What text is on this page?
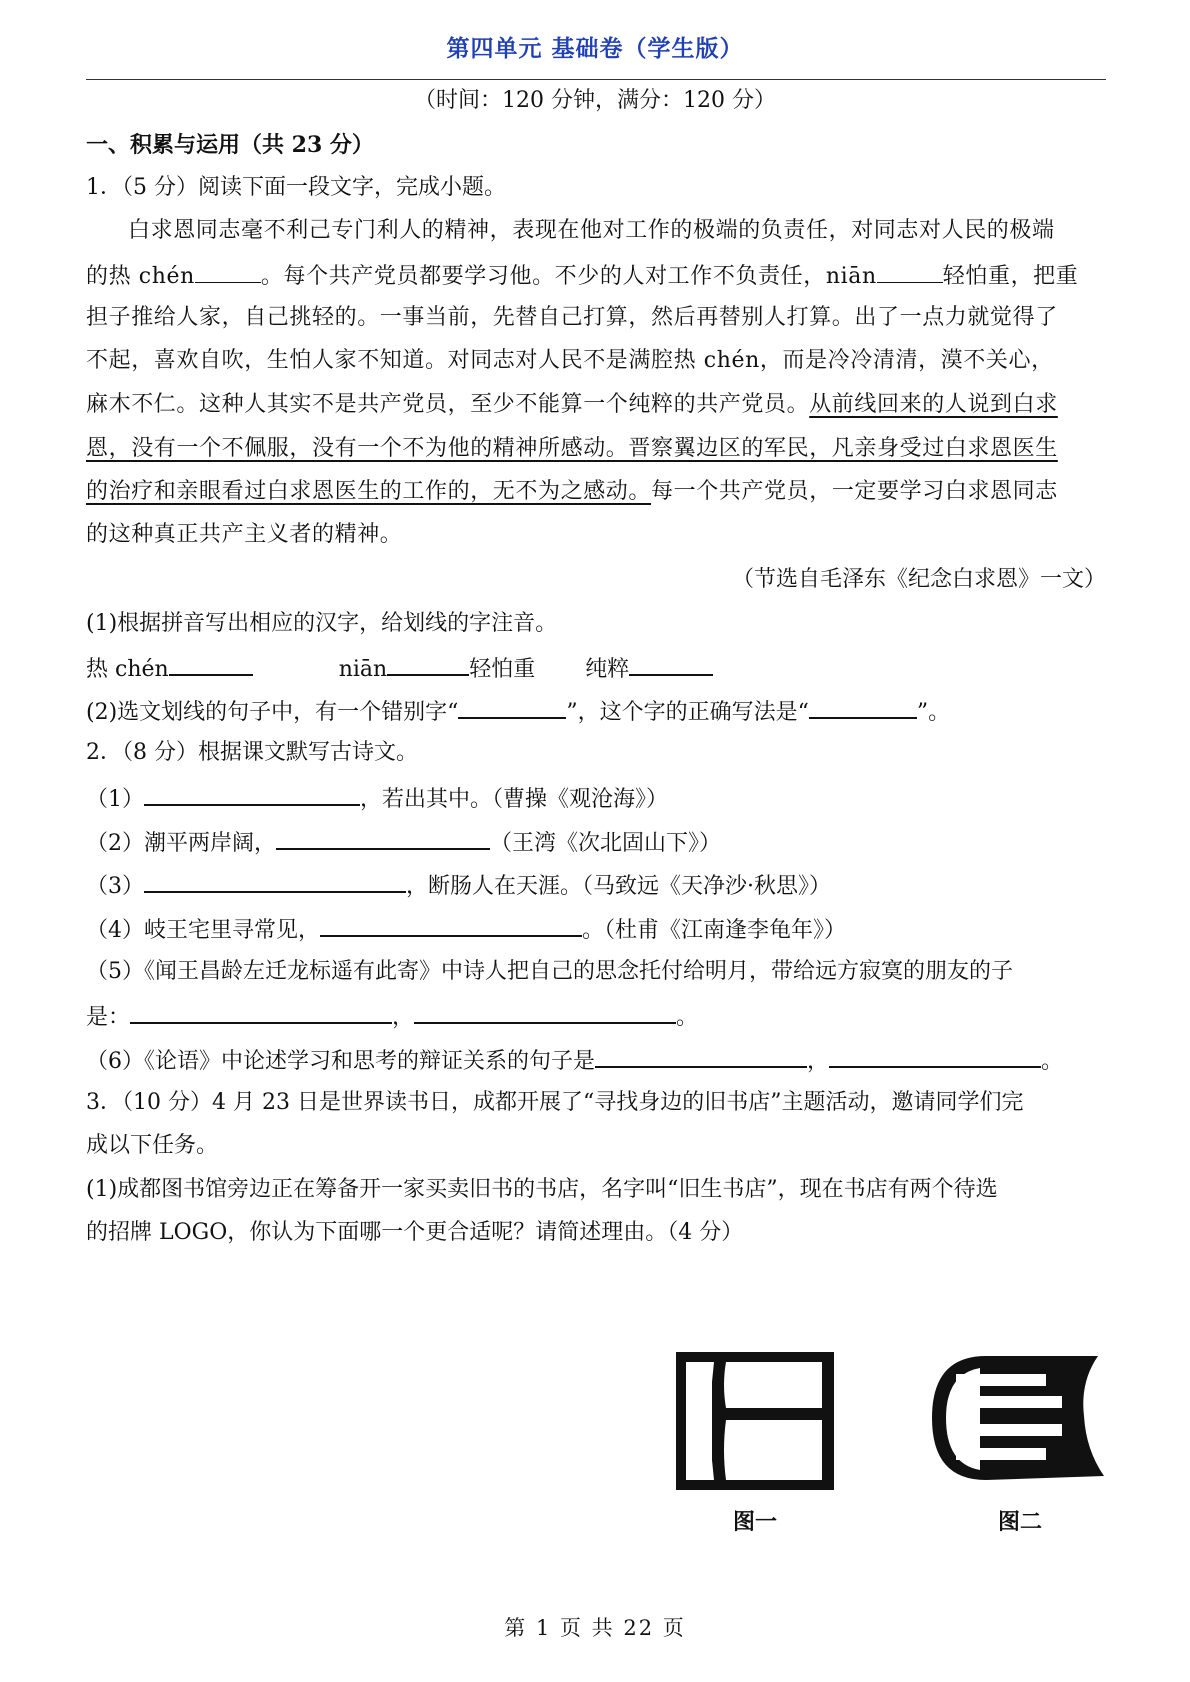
第四单元 基础卷（学生版）
（时间：120 分钟，满分：120 分）
一、积累与运用（共 23 分）
1．（5 分）阅读下面一段文字，完成小题。
白求恩同志毫不利己专门利人的精神，表现在他对工作的极端的负责任，对同志对人民的极端
的热 chén	。每个共产党员都要学习他。不少的人对工作不负责任，niān	轻怕重，把重
担子推给人家，自己挑轻的。一事当前，先替自己打算，然后再替别人打算。出了一点力就觉得了
不起，喜欢自吹，生怕人家不知道。对同志对人民不是满腔热 chén，而是冷冷清清，漠不关心，
麻木不仁。这种人其实不是共产党员，至少不能算一个纯粹的共产党员。从前线回来的人说到白求
恩，没有一个不佩服，没有一个不为他的精神所感动。晋察翼边区的军民，凡亲身受过白求恩医生
的治疗和亲眼看过白求恩医生的工作的，无不为之感动。每一个共产党员，一定要学习白求恩同志
的这种真正共产主义者的精神。
（节选自毛泽东《纪念白求恩》一文）
(1)根据拼音写出相应的汉字，给划线的字注音。
热 chén	niān	轻怕重 纯粹
(2)选文划线的句子中，有一个错别字“	”，这个字的正确写法是“	”。
2．（8 分）根据课文默写古诗文。
（1）	，若出其中。（曹操《观沧海》）
（2）潮平两岸阔，	（王湾《次北固山下》）
（3）	，断肠人在天涯。（马致远《天净沙·秋思》）
（4）岐王宅里寻常见，	。（杜甫《江南逢李龟年》）
（5）《闻王昌龄左迁龙标遥有此寄》中诗人把自己的思念托付给明月，带给远方寂寞的朋友的子
是：	，	。
（6）《论语》中论述学习和思考的辩证关系的句子是	，	。
3．（10 分）4 月 23 日是世界读书日，成都开展了“寻找身边的旧书店”主题活动，邀请同学们完
成以下任务。
(1)成都图书馆旁边正在筹备开一家买卖旧书的书店，名字叫“旧生书店”，现在书店有两个待选
的招牌 LOGO，你认为下面哪一个更合适呢？请简述理由。（4 分）
图一	图二
第 1 页 共 22 页
